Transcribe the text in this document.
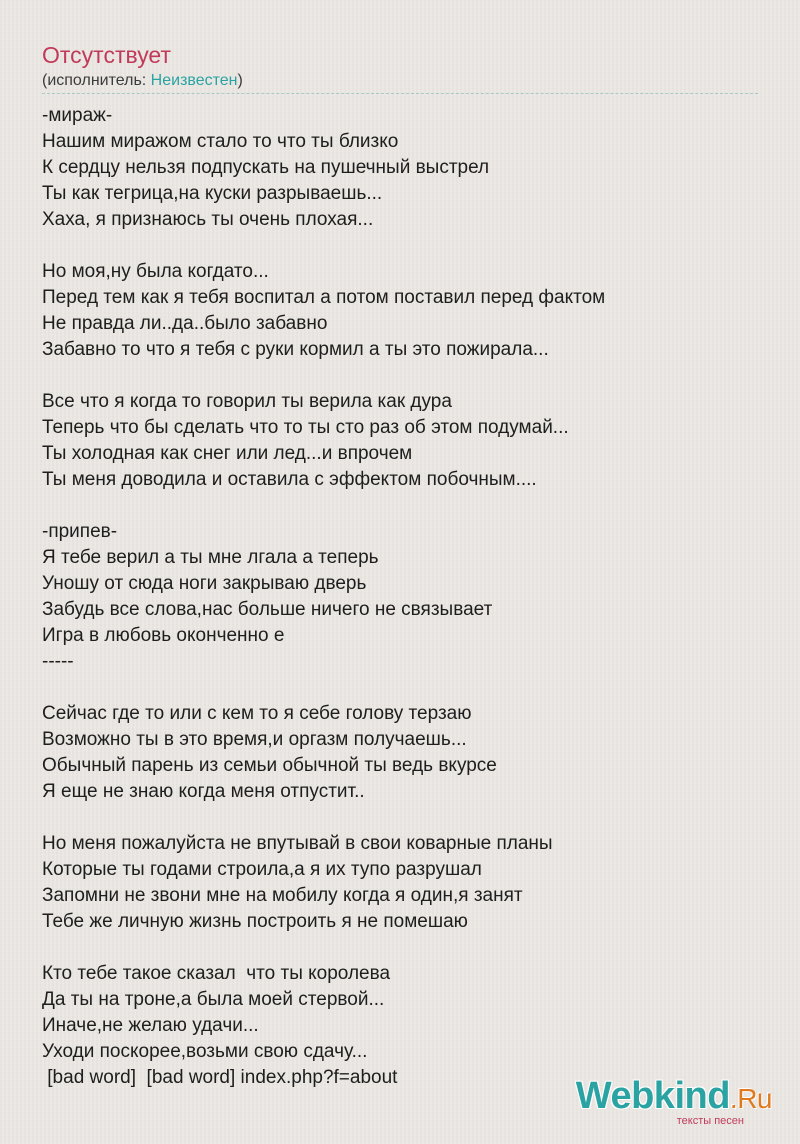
Отсутствует
(исполнитель: Неизвестен)
-мираж-
Нашим миражом стало то что ты близко
К сердцу нельзя подпускать на пушечный выстрел
Ты как тегрица,на куски разрываешь...
Хаха, я признаюсь ты очень плохая...
Но моя,ну была когдато...
Перед тем как я тебя воспитал а потом поставил перед фактом
Не правда ли..да..было забавно
Забавно то что я тебя с руки кормил а ты это пожирала...
Все что я когда то говорил ты верила как дура
Теперь что бы сделать что то ты сто раз об этом подумай...
Ты холодная как снег или лед...и впрочем
Ты меня доводила и оставила с эффектом побочным....
-припев-
Я тебе верил а ты мне лгала а теперь
Уношу от сюда ноги закрываю дверь
Забудь все слова,нас больше ничего не связывает
Игра в любовь оконченно е
-----
Сейчас где то или с кем то я себе голову терзаю
Возможно ты в это время,и оргазм получаешь...
Обычный парень из семьи обычной ты ведь вкурсе
Я еще не знаю когда меня отпустит..
Но меня пожалуйста не впутывай в свои коварные планы
Которые ты годами строила,а я их тупо разрушал
Запомни не звони мне на мобилу когда я один,я занят
Тебе же личную жизнь построить я не помешаю
Кто тебе такое сказал  что ты королева
Да ты на троне,а была моей стервой...
Иначе,не желаю удачи...
Уходи поскорее,возьми свою сдачу...
[bad word]  [bad word] index.php?f=about	Webkind.Ru
тексты песен
